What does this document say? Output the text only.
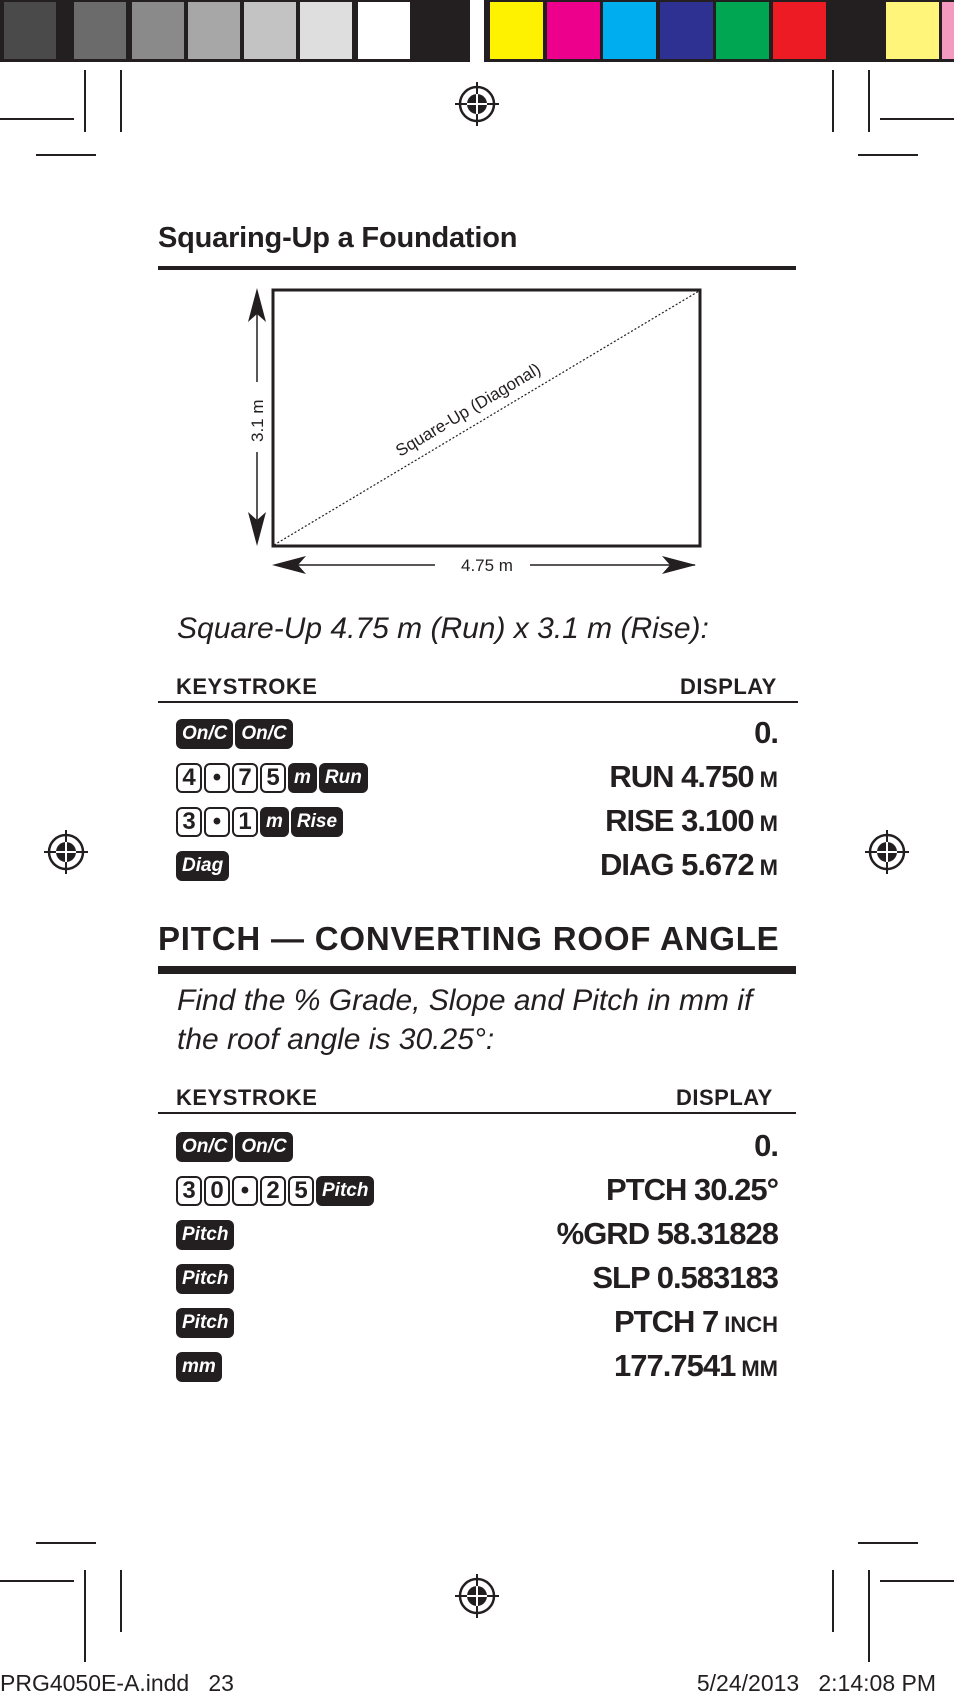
Squaring-Up a Foundation
Square-Up (Diagonal)
3.1 m
4.75 m
Square-Up 4.75 m (Run) x 3.1 m (Rise):
KEYSTROKE	DISPLAY
On/C On/C	0.
4 • 7 5 m Run	RUN 4.750 M
3 • 1 m Rise	RISE 3.100 M
Diag	DIAG 5.672 M
PITCH — CONVERTING ROOF ANGLE
Find the % Grade, Slope and Pitch in mm if
the roof angle is 30.25°:
KEYSTROKE	DISPLAY
On/C On/C	0.
3 0 • 2 5 Pitch	PTCH 30.25°
Pitch	%GRD 58.31828
Pitch	SLP 0.583183
Pitch	PTCH 7 INCH
mm	177.7541 MM
PRG4050E-A.indd   23	5/24/2013   2:14:08 PM
